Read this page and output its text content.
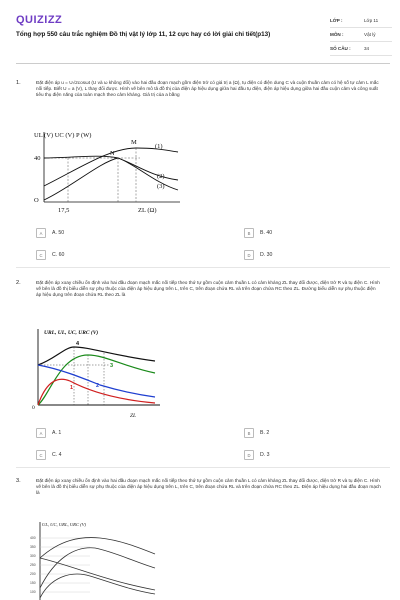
QUIZIZZ
Tổng hợp 550 câu trắc nghiệm Đồ thị vật lý lớp 11, 12 cực hay có lời giải chi tiết(p13)
LỚP :	Lớp 11
MÔN :	Vật lý
SỐ CÂU :	34
1.	Đặt điện áp u = U√2cosωt (U và ω không đổi) vào hai đầu đoạn mạch gồm điện trở có giá trị a (Ω), tụ điện có điện dung C và cuộn thuần cảm có hệ số tự cảm L mắc nối tiếp. Biết U = a (V), L thay đổi được. Hình vẽ bên mô tả đồ thị của điện áp hiệu dụng giữa hai đầu tụ điện, điện áp hiệu dụng giữa hai đầu cuộn cảm và công suất tiêu thụ điện năng của toàn mạch theo cảm kháng. Giá trị của a bằng
UL (V) UC (V) P (W)
17,5	ZL (Ω)
40
O
M
N
(1)
(2)
(3)
A	A. 50	B	B. 40
C	C. 60	D	D. 30
2.	Đặt điện áp xoay chiều ổn định vào hai đầu đoạn mạch mắc nối tiếp theo thứ tự gồm cuộn cảm thuần L có cảm kháng ZL thay đổi được, điện trở R và tụ điện C. Hình vẽ bên là đồ thị biểu diễn sự phụ thuộc của điện áp hiệu dụng trên L, trên C, trên đoạn chứa RL và trên đoạn chứa RC theo ZL. Đường biểu diễn sự phụ thuộc điện áp hiệu dụng trên đoạn chứa RL theo ZL là
URL, UL, UC, URC (V)
ZL
0
4
1
3
2
A	A. 1	B	B. 2
C	C. 4	D	D. 3
3.	Đặt điện áp xoay chiều ổn định vào hai đầu đoạn mạch mắc nối tiếp theo thứ tự gồm cuộn cảm thuần L có cảm kháng ZL thay đổi được, điện trở R và tụ điện C. Hình vẽ bên là đồ thị biểu diễn sự phụ thuộc của điện áp hiệu dụng trên L, trên C, trên đoạn chứa RL và trên đoạn chứa RC theo ZL. Điện áp hiệu dụng hai đầu đoạn mạch là
UL, UC, URL, URC (V)
400
350
300
250
200
150
100
